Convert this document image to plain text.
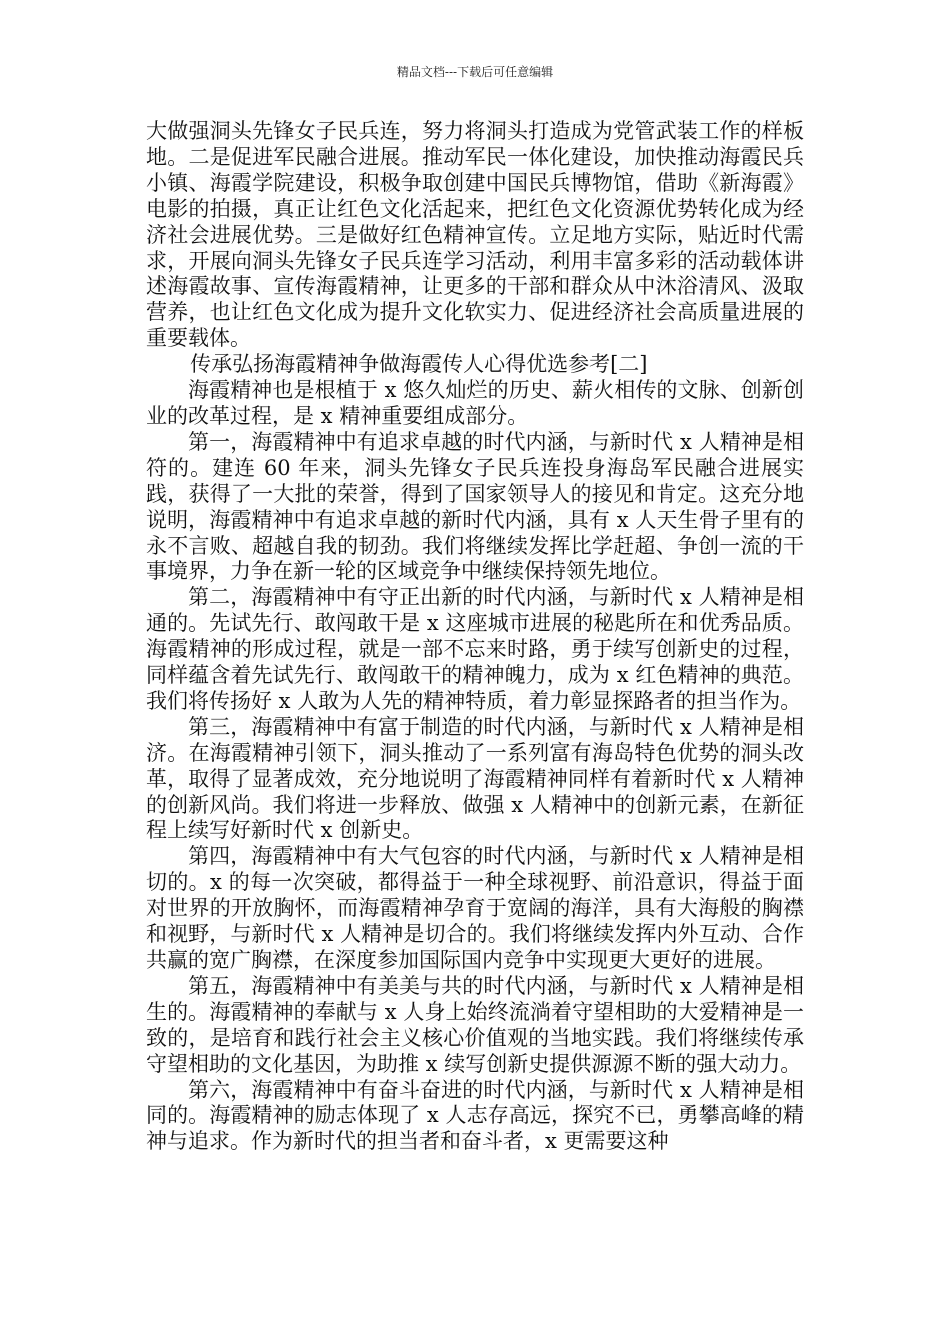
精品文档---下载后可任意编辑

大做强洞头先锋女子民兵连，努力将洞头打造成为党管武装工作的样板地。二是促进军民融合进展。推动军民一体化建设，加快推动海霞民兵小镇、海霞学院建设，积极争取创建中国民兵博物馆，借助《新海霞》电影的拍摄，真正让红色文化活起来，把红色文化资源优势转化成为经济社会进展优势。三是做好红色精神宣传。立足地方实际，贴近时代需求，开展向洞头先锋女子民兵连学习活动，利用丰富多彩的活动载体讲述海霞故事、宣传海霞精神，让更多的干部和群众从中沐浴清风、汲取营养，也让红色文化成为提升文化软实力、促进经济社会高质量进展的重要载体。

传承弘扬海霞精神争做海霞传人心得优选参考[二]

海霞精神也是根植于 x 悠久灿烂的历史、薪火相传的文脉、创新创业的改革过程，是 x 精神重要组成部分。

第一，海霞精神中有追求卓越的时代内涵，与新时代 x 人精神是相符的。建连 60 年来，洞头先锋女子民兵连投身海岛军民融合进展实践，获得了一大批的荣誉，得到了国家领导人的接见和肯定。这充分地说明，海霞精神中有追求卓越的新时代内涵，具有 x 人天生骨子里有的永不言败、超越自我的韧劲。我们将继续发挥比学赶超、争创一流的干事境界，力争在新一轮的区域竞争中继续保持领先地位。

第二，海霞精神中有守正出新的时代内涵，与新时代 x 人精神是相通的。先试先行、敢闯敢干是 x 这座城市进展的秘匙所在和优秀品质。海霞精神的形成过程，就是一部不忘来时路，勇于续写创新史的过程，同样蕴含着先试先行、敢闯敢干的精神魄力，成为 x 红色精神的典范。我们将传扬好 x 人敢为人先的精神特质，着力彰显探路者的担当作为。

第三，海霞精神中有富于制造的时代内涵，与新时代 x 人精神是相济。在海霞精神引领下，洞头推动了一系列富有海岛特色优势的洞头改革，取得了显著成效，充分地说明了海霞精神同样有着新时代 x 人精神的创新风尚。我们将进一步释放、做强 x 人精神中的创新元素，在新征程上续写好新时代 x 创新史。

第四，海霞精神中有大气包容的时代内涵，与新时代 x 人精神是相切的。x 的每一次突破，都得益于一种全球视野、前沿意识，得益于面对世界的开放胸怀，而海霞精神孕育于宽阔的海洋，具有大海般的胸襟和视野，与新时代 x 人精神是切合的。我们将继续发挥内外互动、合作共赢的宽广胸襟，在深度参加国际国内竞争中实现更大更好的进展。

第五，海霞精神中有美美与共的时代内涵，与新时代 x 人精神是相生的。海霞精神的奉献与 x 人身上始终流淌着守望相助的大爱精神是一致的，是培育和践行社会主义核心价值观的当地实践。我们将继续传承守望相助的文化基因，为助推 x 续写创新史提供源源不断的强大动力。

第六，海霞精神中有奋斗奋进的时代内涵，与新时代 x 人精神是相同的。海霞精神的励志体现了 x 人志存高远，探究不已，勇攀高峰的精神与追求。作为新时代的担当者和奋斗者，x 更需要这种
